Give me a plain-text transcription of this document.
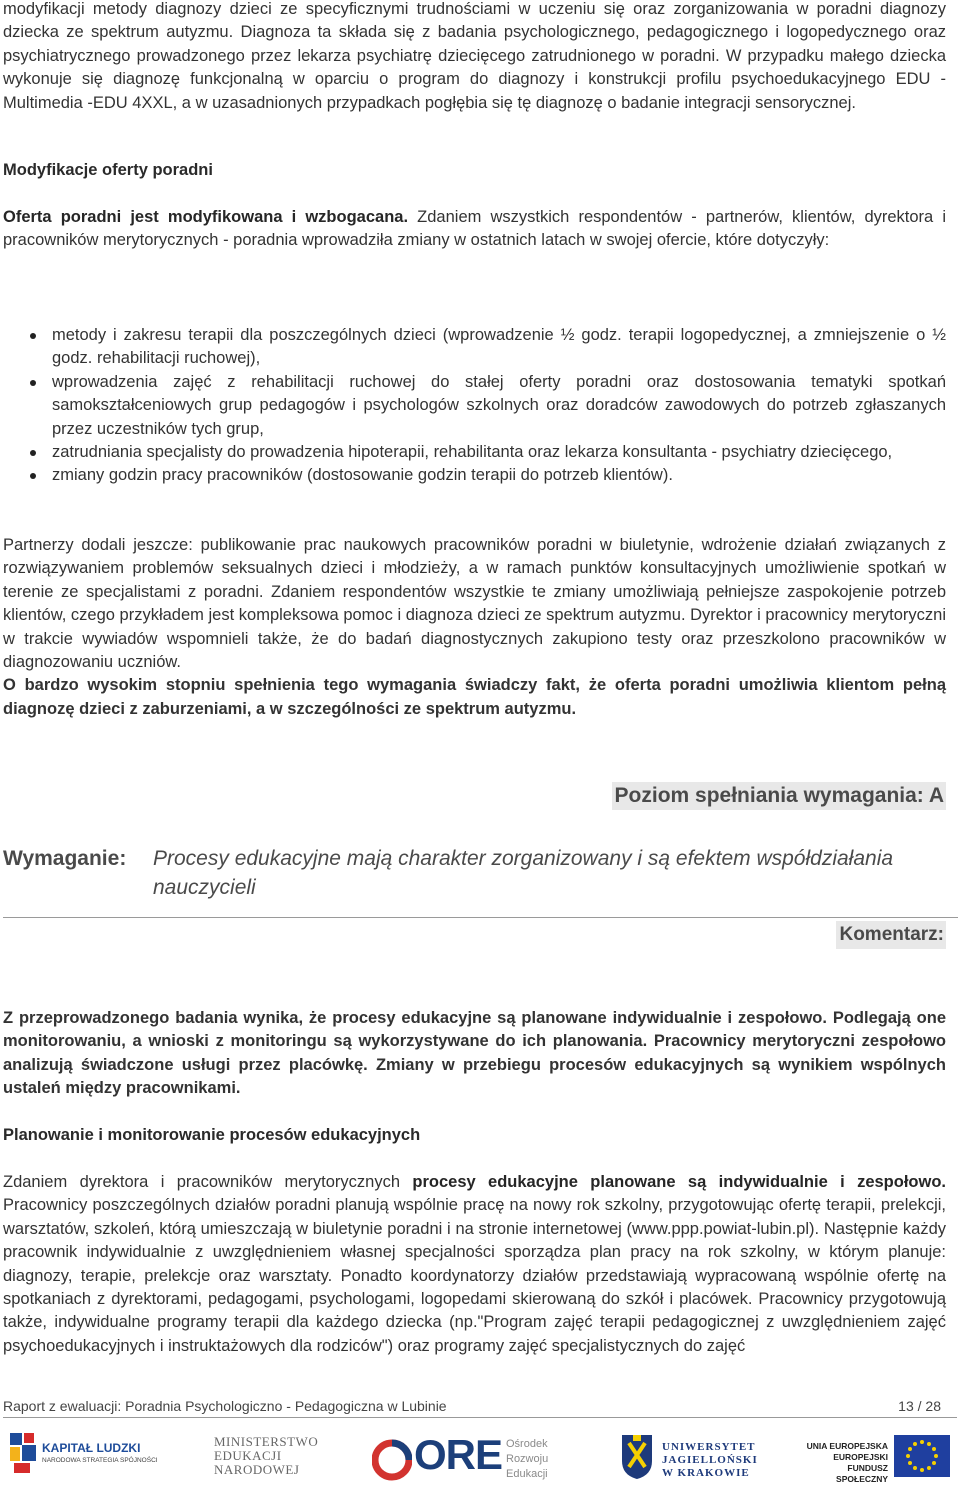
modyfikacji metody diagnozy dzieci ze specyficznymi trudnościami w uczeniu się oraz zorganizowania w poradni diagnozy dziecka ze spektrum autyzmu. Diagnoza ta składa się z badania psychologicznego, pedagogicznego i logopedycznego oraz psychiatrycznego prowadzonego przez lekarza psychiatrę dziecięcego zatrudnionego w poradni. W przypadku małego dziecka wykonuje się diagnozę funkcjonalną w oparciu o program do diagnozy i konstrukcji profilu psychoedukacyjnego EDU - Multimedia -EDU 4XXL, a w uzasadnionych przypadkach pogłębia się tę diagnozę o badanie integracji sensorycznej.

Modyfikacje oferty poradni

Oferta poradni jest modyfikowana i wzbogacana. Zdaniem wszystkich respondentów - partnerów, klientów, dyrektora i pracowników merytorycznych - poradnia wprowadziła zmiany w ostatnich latach w swojej ofercie, które dotyczyły:

metody i zakresu terapii dla poszczególnych dzieci (wprowadzenie ½ godz. terapii logopedycznej, a zmniejszenie o ½ godz. rehabilitacji ruchowej),
wprowadzenia zajęć z rehabilitacji ruchowej do stałej oferty poradni oraz dostosowania tematyki spotkań samokształceniowych grup pedagogów i psychologów szkolnych oraz doradców zawodowych do potrzeb zgłaszanych przez uczestników tych grup,
zatrudniania specjalisty do prowadzenia hipoterapii, rehabilitanta oraz lekarza konsultanta - psychiatry dziecięcego,
zmiany godzin pracy pracowników (dostosowanie godzin terapii do potrzeb klientów).

Partnerzy dodali jeszcze: publikowanie prac naukowych pracowników poradni w biuletynie, wdrożenie działań związanych z rozwiązywaniem problemów seksualnych dzieci i młodzieży, a w ramach punktów konsultacyjnych umożliwienie spotkań w terenie ze specjalistami z poradni. Zdaniem respondentów wszystkie te zmiany umożliwiają pełniejsze zaspokojenie potrzeb klientów, czego przykładem jest kompleksowa pomoc i diagnoza dzieci ze spektrum autyzmu. Dyrektor i pracownicy merytoryczni w trakcie wywiadów wspomnieli także, że do badań diagnostycznych zakupiono testy oraz przeszkolono pracowników w diagnozowaniu uczniów.

O bardzo wysokim stopniu spełnienia tego wymagania świadczy fakt, że oferta poradni umożliwia klientom pełną diagnozę dzieci z zaburzeniami, a w szczególności ze spektrum autyzmu.

Poziom spełniania wymagania: A
Wymaganie: Procesy edukacyjne mają charakter zorganizowany i są efektem współdziałania nauczycieli
Komentarz:

Z przeprowadzonego badania wynika, że procesy edukacyjne są planowane indywidualnie i zespołowo. Podlegają one monitorowaniu, a wnioski z monitoringu są wykorzystywane do ich planowania. Pracownicy merytoryczni zespołowo analizują świadczone usługi przez placówkę. Zmiany w przebiegu procesów edukacyjnych są wynikiem wspólnych ustaleń między pracownikami.

Planowanie i monitorowanie procesów edukacyjnych

Zdaniem dyrektora i pracowników merytorycznych procesy edukacyjne planowane są indywidualnie i zespołowo. Pracownicy poszczególnych działów poradni planują wspólnie pracę na nowy rok szkolny, przygotowując ofertę terapii, prelekcji, warsztatów, szkoleń, którą umieszczają w biuletynie poradni i na stronie internetowej (www.ppp.powiat-lubin.pl). Następnie każdy pracownik indywidualnie z uwzględnieniem własnej specjalności sporządza plan pracy na rok szkolny, w którym planuje: diagnozy, terapie, prelekcje oraz warsztaty. Ponadto koordynatorzy działów przedstawiają wypracowaną wspólnie ofertę na spotkaniach z dyrektorami, pedagogami, psychologami, logopedami skierowaną do szkół i placówek. Pracownicy przygotowują także, indywidualne programy terapii dla każdego dziecka (np."Program zajęć terapii pedagogicznej z uwzględnieniem zajęć psychoedukacyjnych i instruktażowych dla rodziców") oraz programy zajęć specjalistycznych do zajęć

Raport z ewaluacji: Poradnia Psychologiczno - Pedagogiczna w Lubinie	13 / 28
KAPITAŁ LUDZKI
NARODOWA STRATEGIA SPÓJNOŚCI
MINISTERSTWO
EDUKACJI
NARODOWEJ	ORE Ośrodek
Rozwoju
Edukacji
UNIWERSYTET
JAGIELLOŃSKI
W KRAKOWIE
UNIA EUROPEJSKA
EUROPEJSKI
FUNDUSZ SPOŁECZNY
